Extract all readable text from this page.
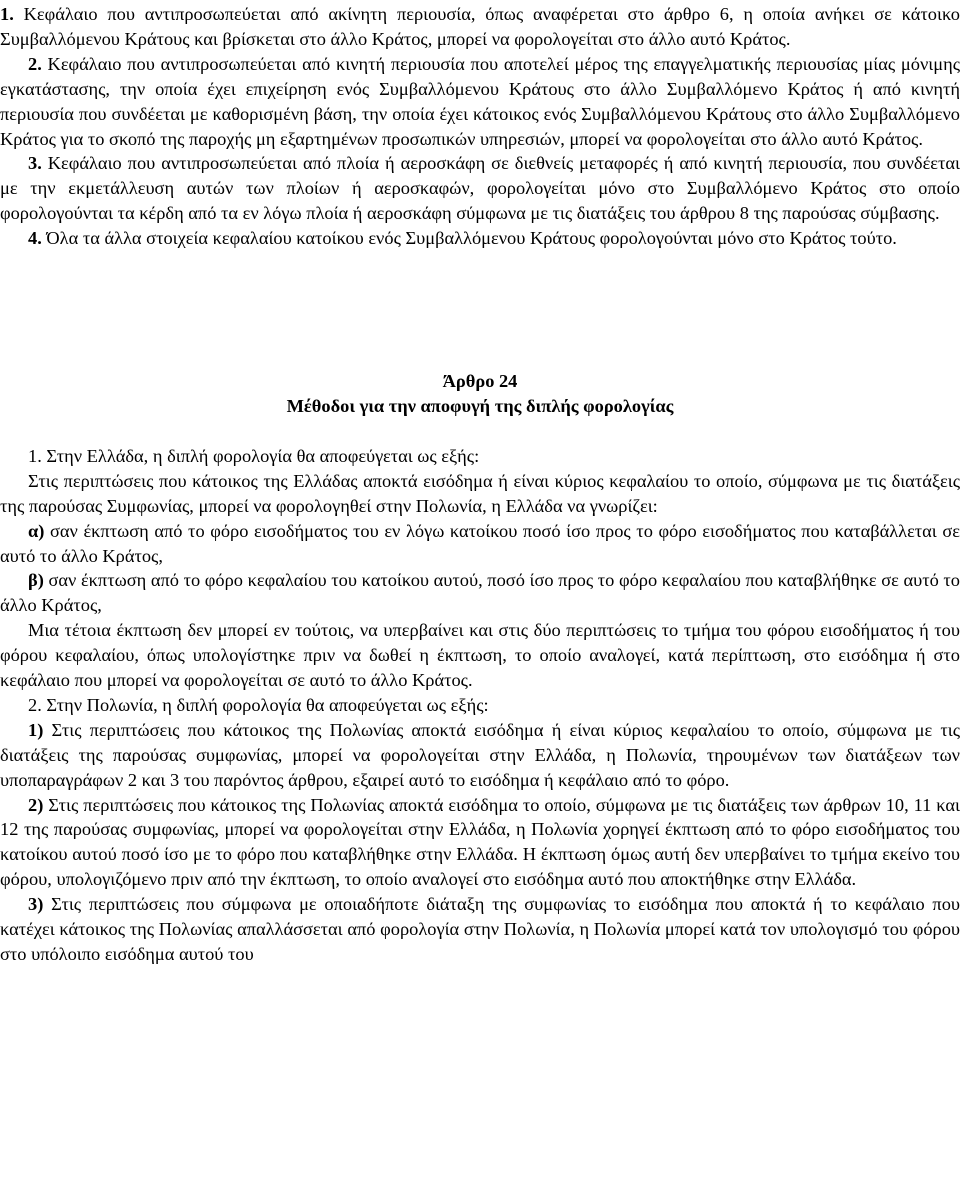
1. Κεφάλαιο που αντιπροσωπεύεται από ακίνητη περιουσία, όπως αναφέρεται στο άρθρο 6, η οποία ανήκει σε κάτοικο Συμβαλλόμενου Κράτους και βρίσκεται στο άλλο Κράτος, μπορεί να φορολογείται στο άλλο αυτό Κράτος.

2. Κεφάλαιο που αντιπροσωπεύεται από κινητή περιουσία που αποτελεί μέρος της επαγγελματικής περιουσίας μίας μόνιμης εγκατάστασης, την οποία έχει επιχείρηση ενός Συμβαλλόμενου Κράτους στο άλλο Συμβαλλόμενο Κράτος ή από κινητή περιουσία που συνδέεται με καθορισμένη βάση, την οποία έχει κάτοικος ενός Συμβαλλόμενου Κράτους στο άλλο Συμβαλλόμενο Κράτος για το σκοπό της παροχής μη εξαρτημένων προσωπικών υπηρεσιών, μπορεί να φορολογείται στο άλλο αυτό Κράτος.

3. Κεφάλαιο που αντιπροσωπεύεται από πλοία ή αεροσκάφη σε διεθνείς μεταφορές ή από κινητή περιουσία, που συνδέεται με την εκμετάλλευση αυτών των πλοίων ή αεροσκαφών, φορολογείται μόνο στο Συμβαλλόμενο Κράτος στο οποίο φορολογούνται τα κέρδη από τα εν λόγω πλοία ή αεροσκάφη σύμφωνα με τις διατάξεις του άρθρου 8 της παρούσας σύμβασης.

4. Όλα τα άλλα στοιχεία κεφαλαίου κατοίκου ενός Συμβαλλόμενου Κράτους φορολογούνται μόνο στο Κράτος τούτο.

Άρθρο 24

Μέθοδοι για την αποφυγή της διπλής φορολογίας

1. Στην Ελλάδα, η διπλή φορολογία θα αποφεύγεται ως εξής:

Στις περιπτώσεις που κάτοικος της Ελλάδας αποκτά εισόδημα ή είναι κύριος κεφαλαίου το οποίο, σύμφωνα με τις διατάξεις της παρούσας Συμφωνίας, μπορεί να φορολογηθεί στην Πολωνία, η Ελλάδα να γνωρίζει:

α) σαν έκπτωση από το φόρο εισοδήματος του εν λόγω κατοίκου ποσό ίσο προς το φόρο εισοδήματος που καταβάλλεται σε αυτό το άλλο Κράτος,

β) σαν έκπτωση από το φόρο κεφαλαίου του κατοίκου αυτού, ποσό ίσο προς το φόρο κεφαλαίου που καταβλήθηκε σε αυτό το άλλο Κράτος,

Μια τέτοια έκπτωση δεν μπορεί εν τούτοις, να υπερβαίνει και στις δύο περιπτώσεις το τμήμα του φόρου εισοδήματος ή του φόρου κεφαλαίου, όπως υπολογίστηκε πριν να δωθεί η έκπτωση, το οποίο αναλογεί, κατά περίπτωση, στο εισόδημα ή στο κεφάλαιο που μπορεί να φορολογείται σε αυτό το άλλο Κράτος.

2. Στην Πολωνία, η διπλή φορολογία θα αποφεύγεται ως εξής:

1) Στις περιπτώσεις που κάτοικος της Πολωνίας αποκτά εισόδημα ή είναι κύριος κεφαλαίου το οποίο, σύμφωνα με τις διατάξεις της παρούσας συμφωνίας, μπορεί να φορολογείται στην Ελλάδα, η Πολωνία, τηρουμένων των διατάξεων των υποπαραγράφων 2 και 3 του παρόντος άρθρου, εξαιρεί αυτό το εισόδημα ή κεφάλαιο από το φόρο.

2) Στις περιπτώσεις που κάτοικος της Πολωνίας αποκτά εισόδημα το οποίο, σύμφωνα με τις διατάξεις των άρθρων 10, 11 και 12 της παρούσας συμφωνίας, μπορεί να φορολογείται στην Ελλάδα, η Πολωνία χορηγεί έκπτωση από το φόρο εισοδήματος του κατοίκου αυτού ποσό ίσο με το φόρο που καταβλήθηκε στην Ελλάδα. Η έκπτωση όμως αυτή δεν υπερβαίνει το τμήμα εκείνο του φόρου, υπολογιζόμενο πριν από την έκπτωση, το οποίο αναλογεί στο εισόδημα αυτό που αποκτήθηκε στην Ελλάδα.

3) Στις περιπτώσεις που σύμφωνα με οποιαδήποτε διάταξη της συμφωνίας το εισόδημα που αποκτά ή το κεφάλαιο που κατέχει κάτοικος της Πολωνίας απαλλάσσεται από φορολογία στην Πολωνία, η Πολωνία μπορεί κατά τον υπολογισμό του φόρου στο υπόλοιπο εισόδημα αυτού του
